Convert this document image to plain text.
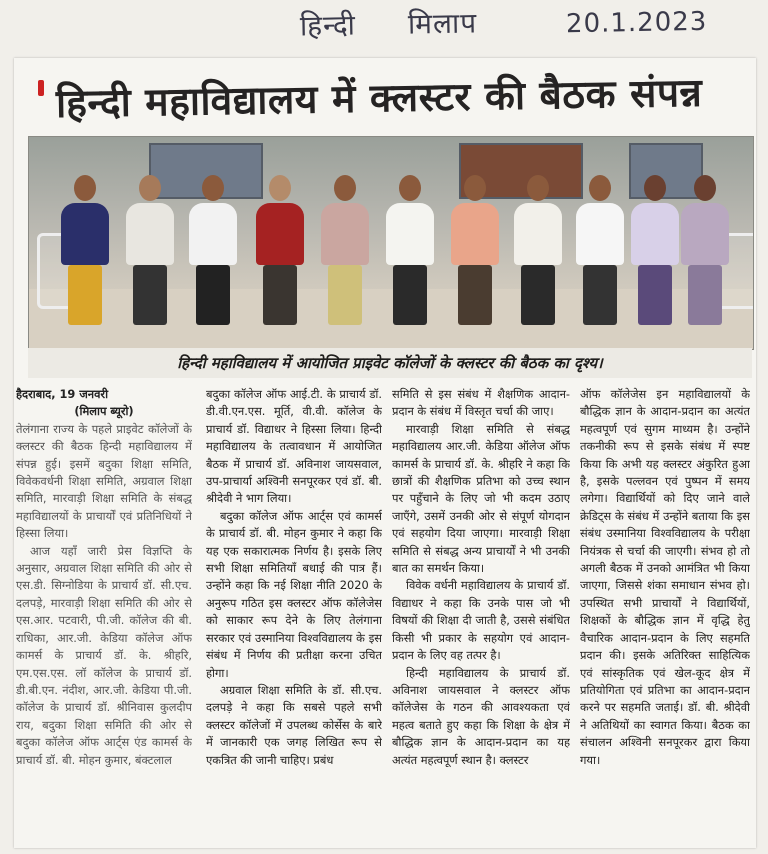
हिन्दी मिलाप	20.1.2023
हिन्दी महाविद्यालय में क्लस्टर की बैठक संपन्न
हिन्दी महाविद्यालय में आयोजित प्राइवेट कॉलेजों के क्लस्टर की बैठक का दृश्य।

हैदराबाद, 19 जनवरी

(मिलाप ब्यूरो)

तेलंगाना राज्य के पहले प्राइवेट कॉलेजों के क्लस्टर की बैठक हिन्दी महाविद्यालय में संपन्न हुई। इसमें बदुका शिक्षा समिति, विवेकवर्धनी शिक्षा समिति, अग्रवाल शिक्षा समिति, मारवाड़ी शिक्षा समिति के संबद्ध महाविद्यालयों के प्राचार्यों एवं प्रतिनिधियों ने हिस्सा लिया।

आज यहाँ जारी प्रेस विज्ञप्ति के अनुसार, अग्रवाल शिक्षा समिति की ओर से एस.डी. सिग्नोडिया के प्राचार्य डॉ. सी.एच. दलपड़े, मारवाड़ी शिक्षा समिति की ओर से एस.आर. पटवारी, पी.जी. कॉलेज की बी. राधिका, आर.जी. केडिया कॉलेज ऑफ कामर्स के प्राचार्य डॉ. के. श्रीहरि, एम.एस.एस. लॉ कॉलेज के प्राचार्य डॉ. डी.बी.एन. नंदीश, आर.जी. केडिया पी.जी. कॉलेज के प्राचार्य डॉ. श्रीनिवास कुलदीप राय, बदुका शिक्षा समिति की ओर से बदुका कॉलेज ऑफ आर्ट्स एंड कामर्स के प्राचार्य डॉ. बी. मोहन कुमार, बंक्टलाल

बदुका कॉलेज ऑफ आई.टी. के प्राचार्य डॉ. डी.वी.एन.एस. मूर्ति, वी.वी. कॉलेज के प्राचार्य डॉ. विद्याधर ने हिस्सा लिया। हिन्दी महाविद्यालय के तत्वावधान में आयोजित बैठक में प्राचार्य डॉ. अविनाश जायसवाल, उप-प्राचार्या अश्विनी सनपूरकर एवं डॉ. बी. श्रीदेवी ने भाग लिया।

बदुका कॉलेज ऑफ आर्ट्स एवं कामर्स के प्राचार्य डॉ. बी. मोहन कुमार ने कहा कि यह एक सकारात्मक निर्णय है। इसके लिए सभी शिक्षा समितियाँ बधाई की पात्र हैं। उन्होंने कहा कि नई शिक्षा नीति 2020 के अनुरूप गठित इस क्लस्टर ऑफ कॉलेजेस को साकार रूप देने के लिए तेलंगाना सरकार एवं उस्मानिया विश्वविद्यालय के इस संबंध में निर्णय की प्रतीक्षा करना उचित होगा।

अग्रवाल शिक्षा समिति के डॉ. सी.एच. दलपड़े ने कहा कि सबसे पहले सभी क्लस्टर कॉलेजों में उपलब्ध कोर्सेस के बारे में जानकारी एक जगह लिखित रूप से एकत्रित की जानी चाहिए। प्रबंध

समिति से इस संबंध में शैक्षणिक आदान-प्रदान के संबंध में विस्तृत चर्चा की जाए।

मारवाड़ी शिक्षा समिति से संबद्ध महाविद्यालय आर.जी. केडिया ऑलेज ऑफ कामर्स के प्राचार्य डॉ. के. श्रीहरि ने कहा कि छात्रों की शैक्षणिक प्रतिभा को उच्च स्थान पर पहुँचाने के लिए जो भी कदम उठाए जाएँगे, उसमें उनकी ओर से संपूर्ण योगदान एवं सहयोग दिया जाएगा। मारवाड़ी शिक्षा समिति से संबद्ध अन्य प्राचार्यों ने भी उनकी बात का समर्थन किया।

विवेक वर्धनी महाविद्यालय के प्राचार्य डॉ. विद्याधर ने कहा कि उनके पास जो भी विषयों की शिक्षा दी जाती है, उससे संबंधित किसी भी प्रकार के सहयोग एवं आदान-प्रदान के लिए वह तत्पर है।

हिन्दी महाविद्यालय के प्राचार्य डॉ. अविनाश जायसवाल ने क्लस्टर ऑफ कॉलेजेस के गठन की आवश्यकता एवं महत्व बताते हुए कहा कि शिक्षा के क्षेत्र में बौद्धिक ज्ञान के आदान-प्रदान का यह अत्यंत महत्वपूर्ण स्थान है। क्लस्टर

ऑफ कॉलेजेस इन महाविद्यालयों के बौद्धिक ज्ञान के आदान-प्रदान का अत्यंत महत्वपूर्ण एवं सुगम माध्यम है। उन्होंने तकनीकी रूप से इसके संबंध में स्पष्ट किया कि अभी यह क्लस्टर अंकुरित हुआ है, इसके पल्लवन एवं पुष्पन में समय लगेगा। विद्यार्थियों को दिए जाने वाले क्रेडिट्स के संबंध में उन्होंने बताया कि इस संबंध उस्मानिया विश्वविद्यालय के परीक्षा नियंत्रक से चर्चा की जाएगी। संभव हो तो अगली बैठक में उनको आमंत्रित भी किया जाएगा, जिससे शंका समाधान संभव हो। उपस्थित सभी प्राचार्यों ने विद्यार्थियों, शिक्षकों के बौद्धिक ज्ञान में वृद्धि हेतु वैचारिक आदान-प्रदान के लिए सहमति प्रदान की। इसके अतिरिक्त साहित्यिक एवं सांस्कृतिक एवं खेल-कूद क्षेत्र में प्रतियोगिता एवं प्रतिभा का आदान-प्रदान करने पर सहमति जताई। डॉ. बी. श्रीदेवी ने अतिथियों का स्वागत किया। बैठक का संचालन अश्विनी सनपूरकर द्वारा किया गया।
